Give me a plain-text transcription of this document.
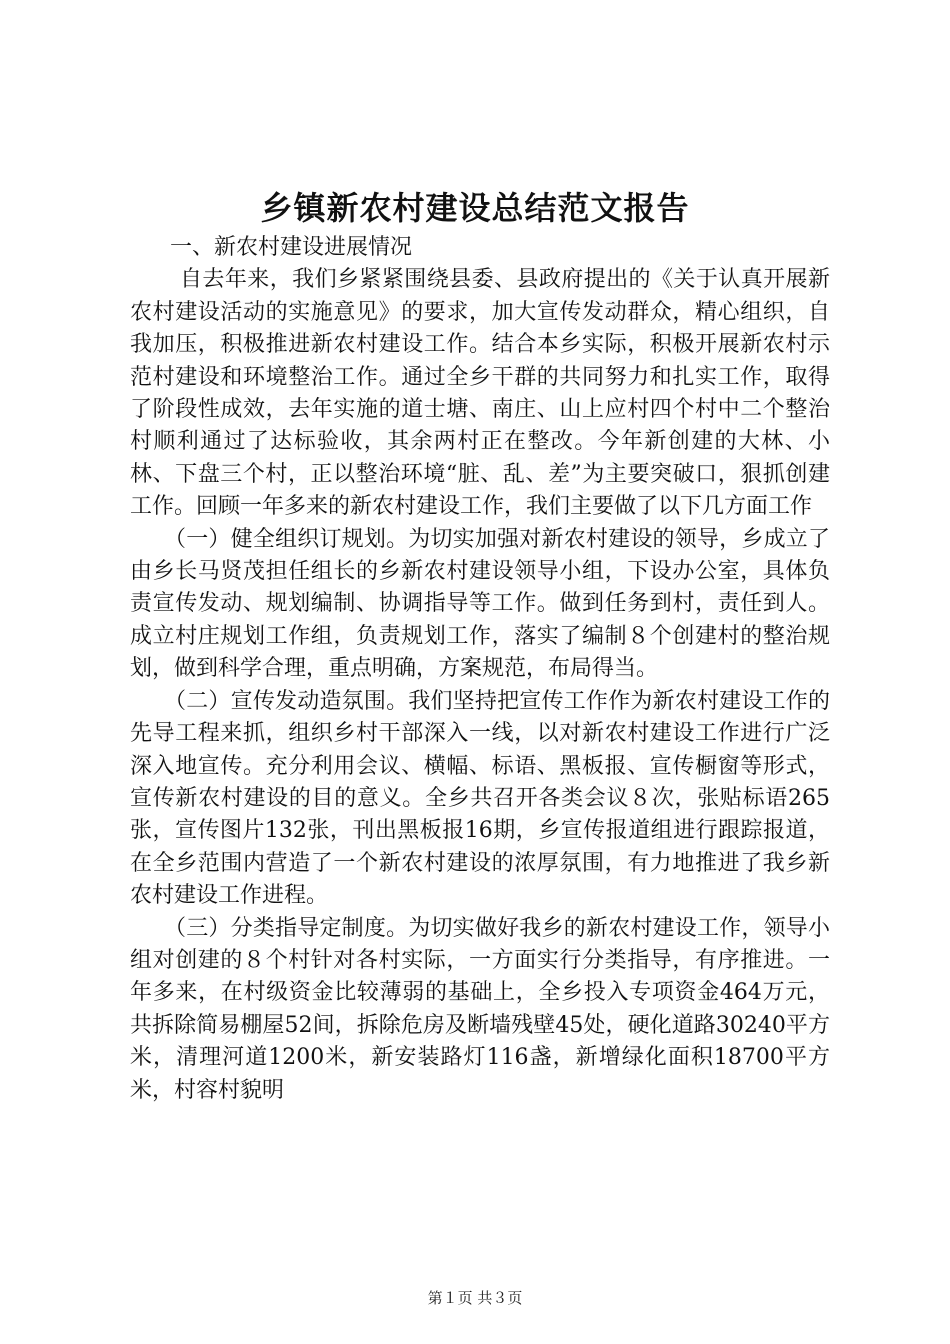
乡镇新农村建设总结范文报告

一、新农村建设进展情况

自去年来，我们乡紧紧围绕县委、县政府提出的《关于认真开展新农村建设活动的实施意见》的要求，加大宣传发动群众，精心组织，自我加压，积极推进新农村建设工作。结合本乡实际，积极开展新农村示范村建设和环境整治工作。通过全乡干群的共同努力和扎实工作，取得了阶段性成效，去年实施的道士塘、南庄、山上应村四个村中二个整治村顺利通过了达标验收，其余两村正在整改。今年新创建的大林、小林、下盘三个村，正以整治环境“脏、乱、差”为主要突破口，狠抓创建工作。回顾一年多来的新农村建设工作，我们主要做了以下几方面工作

（一）健全组织订规划。为切实加强对新农村建设的领导，乡成立了由乡长马贤茂担任组长的乡新农村建设领导小组，下设办公室，具体负责宣传发动、规划编制、协调指导等工作。做到任务到村，责任到人。成立村庄规划工作组，负责规划工作，落实了编制８个创建村的整治规划，做到科学合理，重点明确，方案规范，布局得当。

（二）宣传发动造氛围。我们坚持把宣传工作作为新农村建设工作的先导工程来抓，组织乡村干部深入一线，以对新农村建设工作进行广泛深入地宣传。充分利用会议、横幅、标语、黑板报、宣传橱窗等形式，宣传新农村建设的目的意义。全乡共召开各类会议８次，张贴标语265张，宣传图片132张，刊出黑板报16期，乡宣传报道组进行跟踪报道，在全乡范围内营造了一个新农村建设的浓厚氛围，有力地推进了我乡新农村建设工作进程。

（三）分类指导定制度。为切实做好我乡的新农村建设工作，领导小组对创建的８个村针对各村实际，一方面实行分类指导，有序推进。一年多来，在村级资金比较薄弱的基础上，全乡投入专项资金464万元，共拆除简易棚屋52间，拆除危房及断墙残壁45处，硬化道路30240平方米，清理河道1200米，新安装路灯116盏，新增绿化面积18700平方米，村容村貌明

第１页 共３页
